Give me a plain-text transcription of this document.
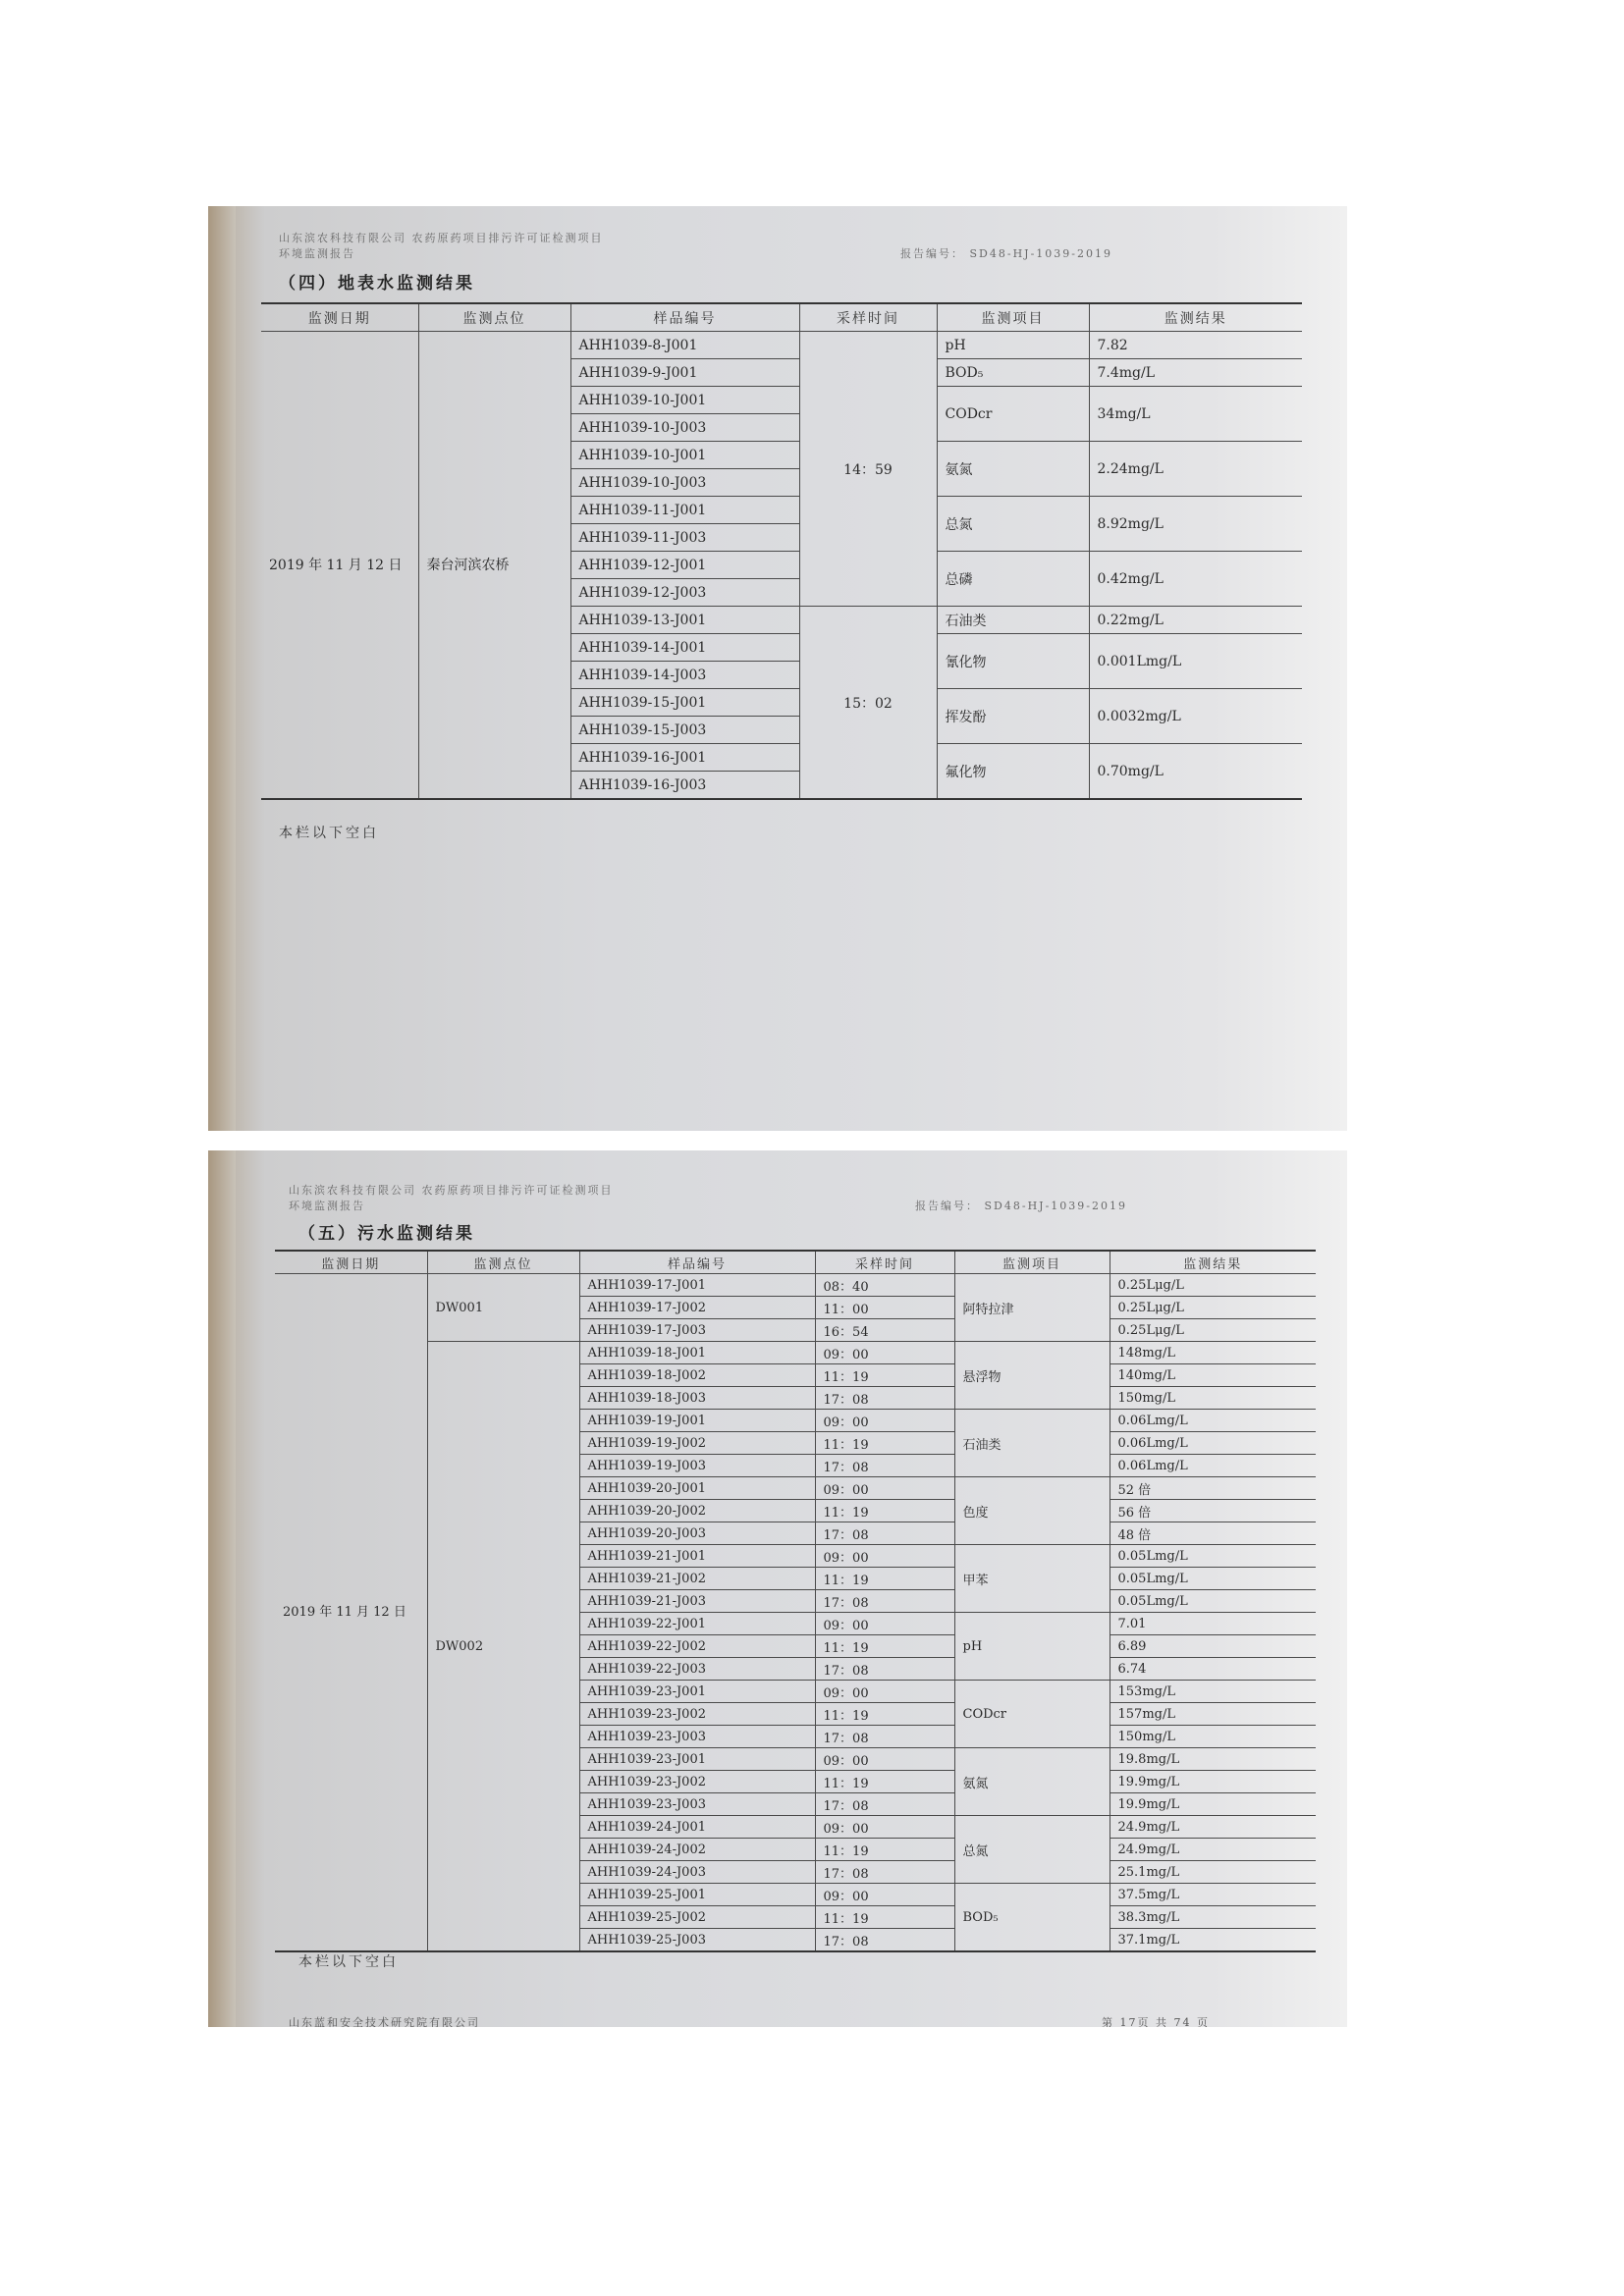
山东滨农科技有限公司 农药原药项目排污许可证检测项目
环境监测报告	报告编号： SD48-HJ-1039-2019
（四）地表水监测结果
监测日期	监测点位	样品编号	采样时间	监测项目	监测结果
2019 年 11 月 12 日	秦台河滨农桥	AHH1039-8-J001	14：59	pH	7.82
		AHH1039-9-J001		BOD₅	7.4mg/L
		AHH1039-10-J001		CODcr	34mg/L
		AHH1039-10-J003			
		AHH1039-10-J001		氨氮	2.24mg/L
		AHH1039-10-J003			
		AHH1039-11-J001		总氮	8.92mg/L
		AHH1039-11-J003			
		AHH1039-12-J001		总磷	0.42mg/L
		AHH1039-12-J003			
		AHH1039-13-J001	15：02	石油类	0.22mg/L
		AHH1039-14-J001		氰化物	0.001Lmg/L
		AHH1039-14-J003			
		AHH1039-15-J001		挥发酚	0.0032mg/L
		AHH1039-15-J003			
		AHH1039-16-J001		氟化物	0.70mg/L
		AHH1039-16-J003			
本栏以下空白
山东滨农科技有限公司 农药原药项目排污许可证检测项目
环境监测报告	报告编号： SD48-HJ-1039-2019
（五）污水监测结果
监测日期	监测点位	样品编号	采样时间	监测项目	监测结果
2019 年 11 月 12 日	DW001	AHH1039-17-J001	08：40	阿特拉津	0.25Lμg/L
		AHH1039-17-J002	11：00		0.25Lμg/L
		AHH1039-17-J003	16：54		0.25Lμg/L
	DW002	AHH1039-18-J001	09：00	悬浮物	148mg/L
		AHH1039-18-J002	11：19		140mg/L
		AHH1039-18-J003	17：08		150mg/L
		AHH1039-19-J001	09：00	石油类	0.06Lmg/L
		AHH1039-19-J002	11：19		0.06Lmg/L
		AHH1039-19-J003	17：08		0.06Lmg/L
		AHH1039-20-J001	09：00	色度	52 倍
		AHH1039-20-J002	11：19		56 倍
		AHH1039-20-J003	17：08		48 倍
		AHH1039-21-J001	09：00	甲苯	0.05Lmg/L
		AHH1039-21-J002	11：19		0.05Lmg/L
		AHH1039-21-J003	17：08		0.05Lmg/L
		AHH1039-22-J001	09：00	pH	7.01
		AHH1039-22-J002	11：19		6.89
		AHH1039-22-J003	17：08		6.74
		AHH1039-23-J001	09：00	CODcr	153mg/L
		AHH1039-23-J002	11：19		157mg/L
		AHH1039-23-J003	17：08		150mg/L
		AHH1039-23-J001	09：00	氨氮	19.8mg/L
		AHH1039-23-J002	11：19		19.9mg/L
		AHH1039-23-J003	17：08		19.9mg/L
		AHH1039-24-J001	09：00	总氮	24.9mg/L
		AHH1039-24-J002	11：19		24.9mg/L
		AHH1039-24-J003	17：08		25.1mg/L
		AHH1039-25-J001	09：00	BOD₅	37.5mg/L
		AHH1039-25-J002	11：19		38.3mg/L
		AHH1039-25-J003	17：08		37.1mg/L
本栏以下空白
山东蓝和安全技术研究院有限公司	第 17页 共 74 页
